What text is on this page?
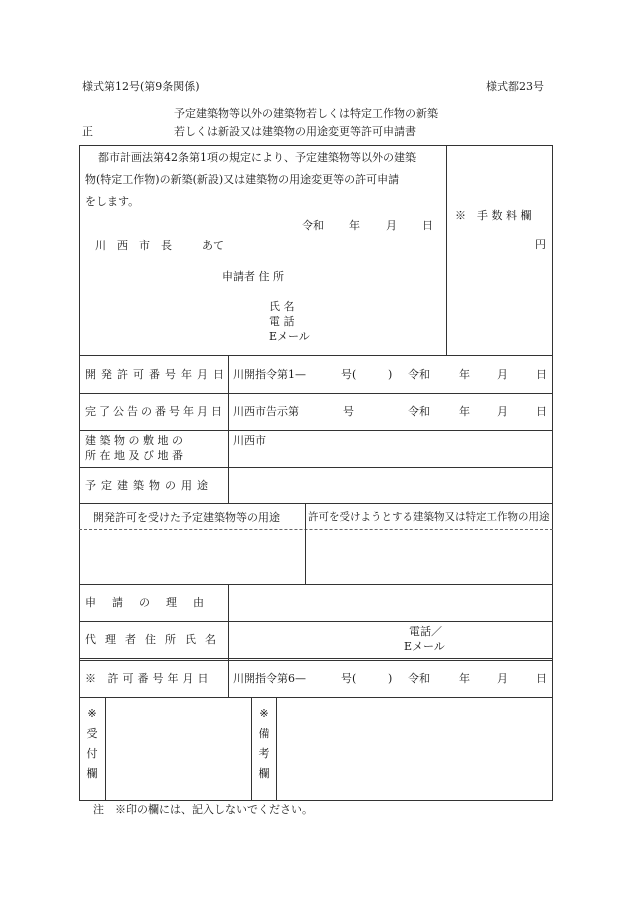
様式第12号(第9条関係)	様式都23号
予定建築物等以外の建築物若しくは特定工作物の新築
若しくは新設又は建築物の用途変更等許可申請書
正
都市計画法第42条第1項の規定により、予定建築物等以外の建築
物(特定工作物)の新築(新設)又は建築物の用途変更等の許可申請
をします。
令和 年 月 日
川　西　市　長	あて
申請者 住 所
氏 名
電 話
Eメール
※　手 数 料 欄
円
開発許可番号年月日 川開指令第1—	号(	) 令和	年 月	日
完了公告の番号年月日 川西市告示第	号	令和	年 月	日
建 築 物 の 敷 地 の
所 在 地 及 び 地 番
川西市
予定建築物の用途
開発許可を受けた予定建築物等の用途	許可を受けようとする建築物又は特定工作物の用途
申請の理由
代理者住所氏名
電話／
Eメール
※ 許可番号年月日 川開指令第6—	号(	) 令和	年 月	日
※
受
付
欄
※
備
考
欄
注　※印の欄には、記入しないでください。
